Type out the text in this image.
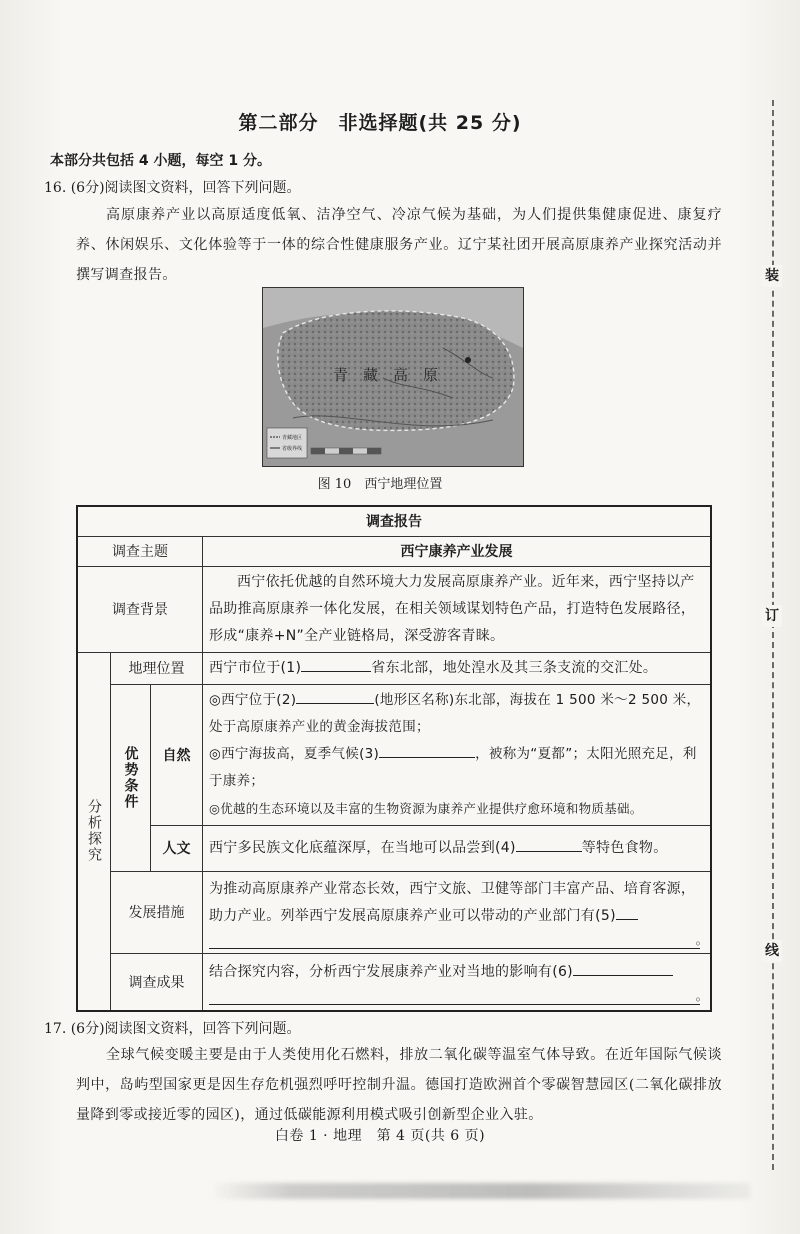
装
订
线
第二部分　非选择题(共 25 分)
本部分共包括 4 小题，每空 1 分。
16. (6分)阅读图文资料，回答下列问题。
高原康养产业以高原适度低氧、洁净空气、冷凉气候为基础，为人们提供集健康促进、康复疗养、休闲娱乐、文化体验等于一体的综合性健康服务产业。辽宁某社团开展高原康养产业探究活动并撰写调查报告。
青　藏　高　原
青藏地区
省级界线
图 10　西宁地理位置
调查报告			
调查主题			西宁康养产业发展
调查背景			西宁依托优越的自然环境大力发展高原康养产业。近年来，西宁坚持以产品助推高原康养一体化发展，在相关领域谋划特色产品，打造特色发展路径，形成“康养+N”全产业链格局，深受游客青睐。

分析探究	地理位置		西宁市位于(1) 省东北部，地处湟水及其三条支流的交汇处。

	优势条件	自然	◎西宁位于(2) (地形区名称)东北部，海拔在 1 500 米～2 500 米，处于高原康养产业的黄金海拔范围；
◎西宁海拔高，夏季气候(3) ，被称为“夏都”；太阳光照充足，利于康养；
◎优越的生态环境以及丰富的生物资源为康养产业提供疗愈环境和物质基础。
		人文	西宁多民族文化底蕴深厚，在当地可以品尝到(4) 等特色食物。
	发展措施		为推动高原康养产业常态长效，西宁文旅、卫健等部门丰富产品、培育客源，助力产业。列举西宁发展高原康养产业可以带动的产业部门有(5)
。

	调查成果		结合探究内容，分析西宁发展康养产业对当地的影响有(6)
。
17. (6分)阅读图文资料，回答下列问题。
全球气候变暖主要是由于人类使用化石燃料，排放二氧化碳等温室气体导致。在近年国际气候谈判中，岛屿型国家更是因生存危机强烈呼吁控制升温。德国打造欧洲首个零碳智慧园区(二氧化碳排放量降到零或接近零的园区)，通过低碳能源利用模式吸引创新型企业入驻。
白卷 1 · 地理　第 4 页(共 6 页)
